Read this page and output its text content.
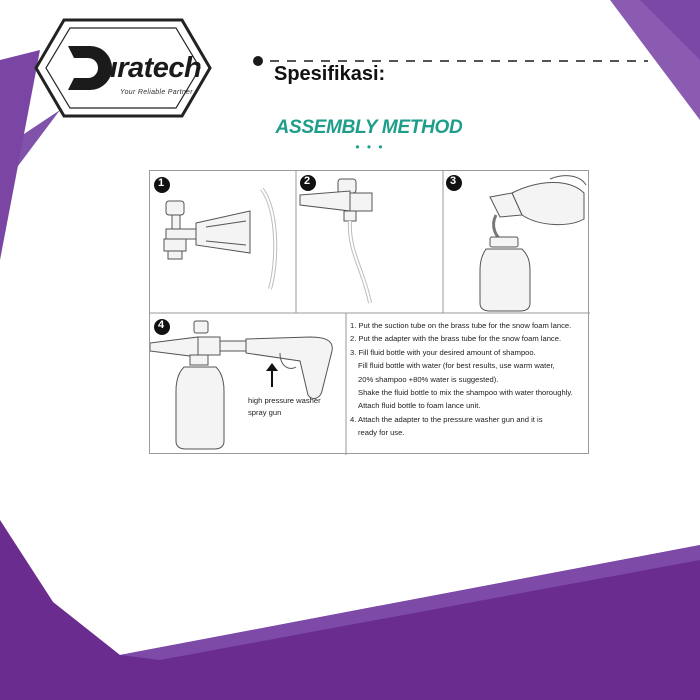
uratech
Your Reliable Partner
Spesifikasi:
ASSEMBLY METHOD
• • •
1	2	3
4
high pressure washer
spray gun
1. Put the suction tube on the brass tube for the snow foam lance.
2. Put the adapter with the brass tube for the snow foam lance.
3. Fill fluid bottle with your desired amount of shampoo.
Fill fluid bottle with water (for best results, use warm water,
20% shampoo +80% water is suggested).
Shake the fluid bottle to mix the shampoo with water thoroughly.
Attach fluid bottle to foam lance unit.
4. Attach the adapter to the pressure washer gun and it is
ready for use.
